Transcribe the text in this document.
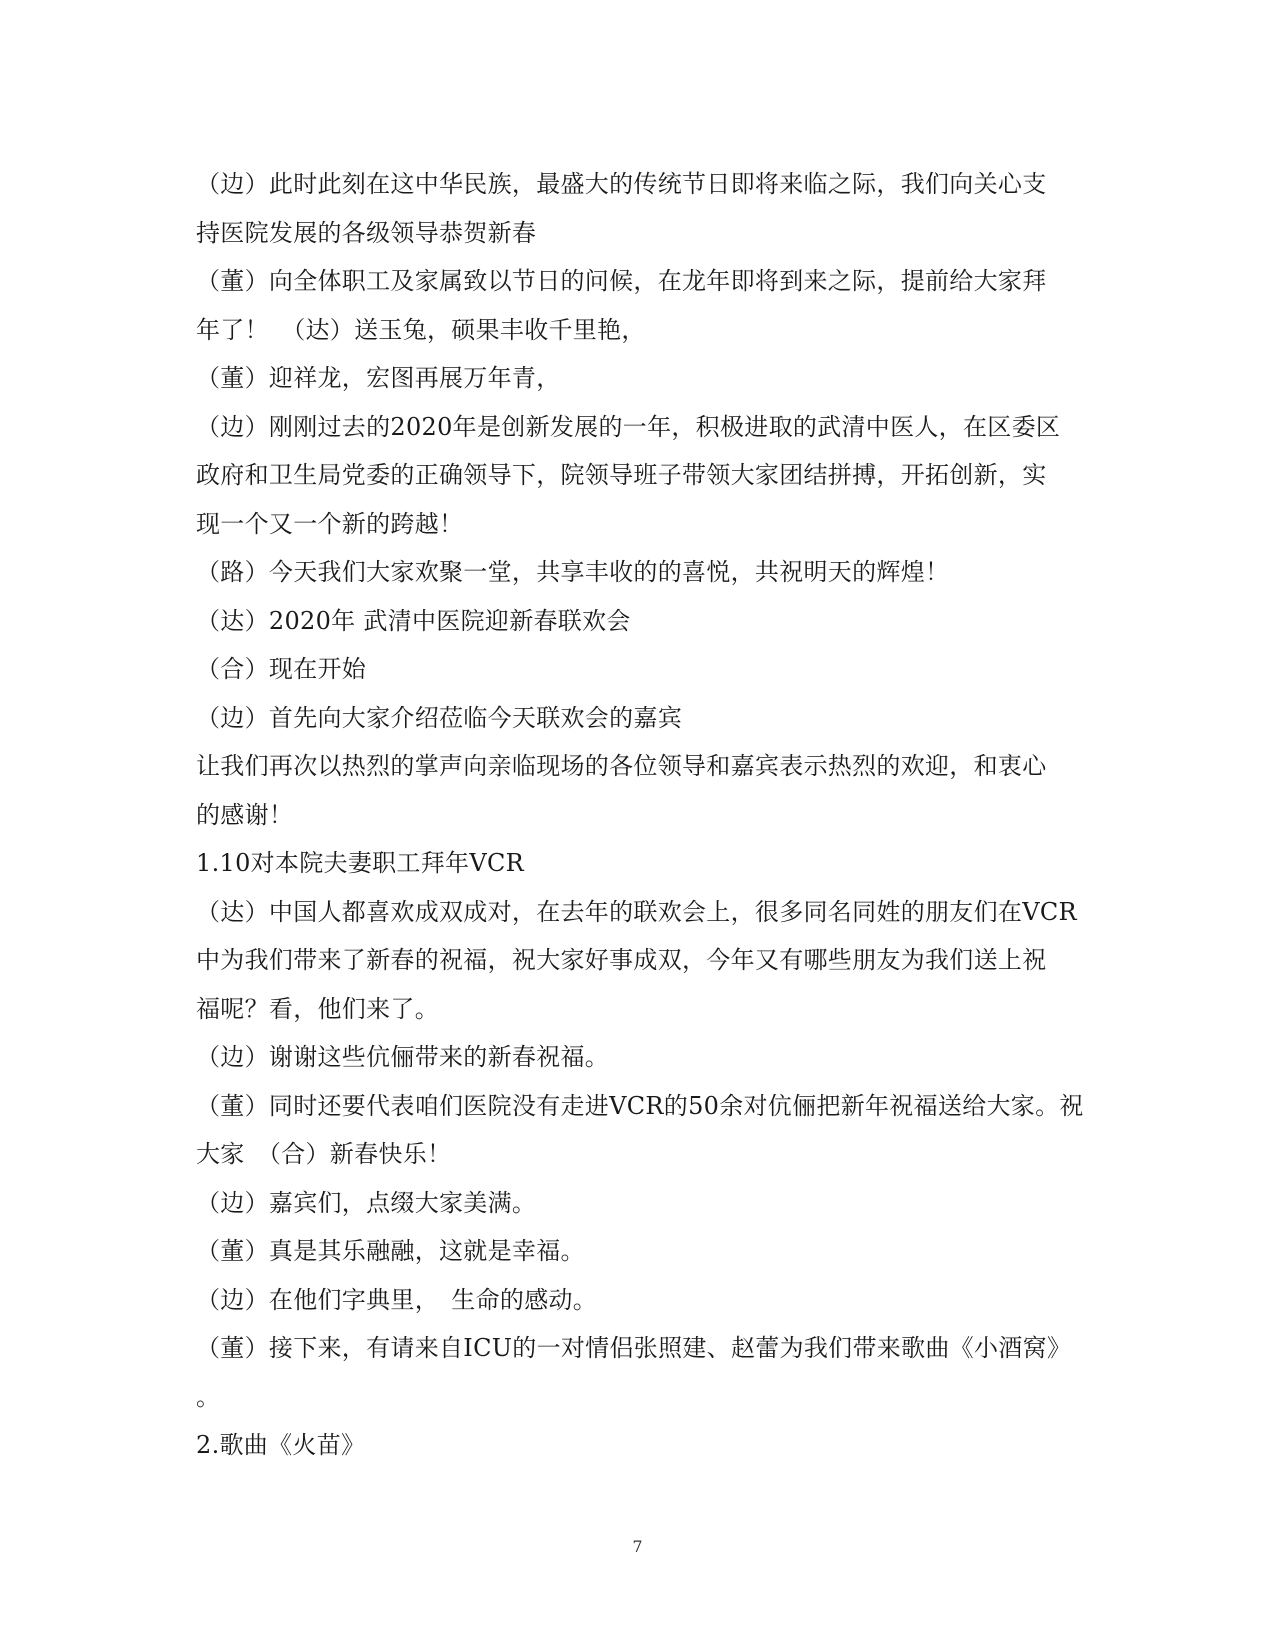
（边）此时此刻在这中华民族，最盛大的传统节日即将来临之际，我们向关心支
持医院发展的各级领导恭贺新春
（董）向全体职工及家属致以节日的问候，在龙年即将到来之际，提前给大家拜
年了！　（达）送玉兔，硕果丰收千里艳，
（董）迎祥龙，宏图再展万年青，
（边）刚刚过去的2020年是创新发展的一年，积极进取的武清中医人，在区委区
政府和卫生局党委的正确领导下，院领导班子带领大家团结拼搏，开拓创新，实
现一个又一个新的跨越！
（路）今天我们大家欢聚一堂，共享丰收的的喜悦，共祝明天的辉煌！
（达）2020年 武清中医院迎新春联欢会
（合）现在开始
（边）首先向大家介绍莅临今天联欢会的嘉宾
让我们再次以热烈的掌声向亲临现场的各位领导和嘉宾表示热烈的欢迎，和衷心
的感谢！
1.10对本院夫妻职工拜年VCR
（达）中国人都喜欢成双成对，在去年的联欢会上，很多同名同姓的朋友们在VCR
中为我们带来了新春的祝福，祝大家好事成双，今年又有哪些朋友为我们送上祝
福呢？看，他们来了。
（边）谢谢这些伉俪带来的新春祝福。
（董）同时还要代表咱们医院没有走进VCR的50余对伉俪把新年祝福送给大家。祝
大家　（合）新春快乐！
（边）嘉宾们，点缀大家美满。
（董）真是其乐融融，这就是幸福。
（边）在他们字典里，　生命的感动。
（董）接下来，有请来自ICU的一对情侣张照建、赵蕾为我们带来歌曲《小酒窝》
。
2.歌曲《火苗》
7
